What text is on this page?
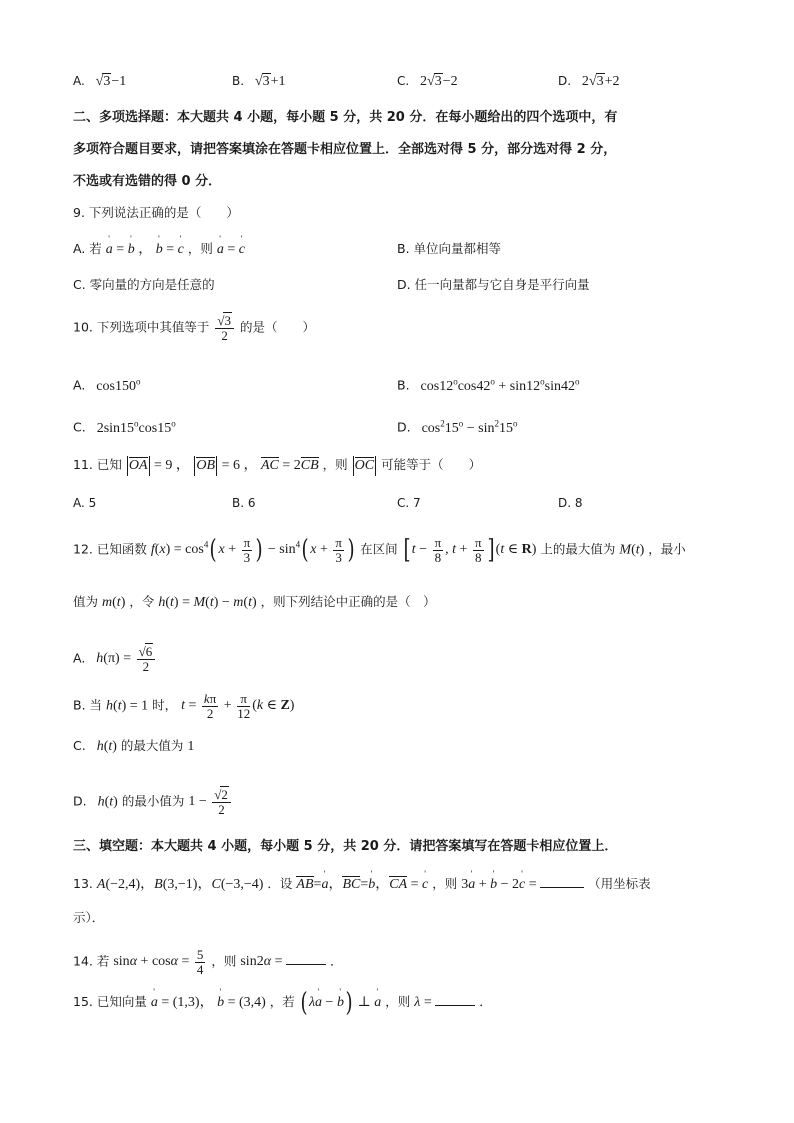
A.   √3−1	B.   √3+1	C.   2√3−2	D.   2√3+2
二、多项选择题：本大题共 4 小题，每小题 5 分，共 20 分．在每小题给出的四个选项中，有
多项符合题目要求，请把答案填涂在答题卡相应位置上．全部选对得 5 分，部分选对得 2 分，
不选或有选错的得 0 分．
9. 下列说法正确的是（　　）
A. 若 ' a = ' b ， ' b = ' c ，则 ' a = ' c	B. 单位向量都相等
C. 零向量的方向是任意的	D. 任一向量都与它自身是平行向量
10. 下列选项中其值等于 $\frac{√3}{2}$ 的是（　　）
A.   cos150$^o$	B.   $\cos 12^o\cos 42^o + \sin 12^o\sin 42^o$
C.   2sin15$^o$cos15$^o$	D.   $\cos^215^o - \sin^215^o$
11. 已知 OA = 9 ， OB = 6 ， AC = 2CB ，则 OC 可能等于（　　）
A. 5	B. 6	C. 7	D. 8
12. 已知函数 $f(x) = \cos^4$( $x + \frac{\pi}{3}$ ) − $\sin^4$( $x + \frac{\pi}{3}$ ) 在区间 [ $t - \frac{\pi}{8}$ , $t + \frac{\pi}{8}$ ] (t ∈ R) 上的最大值为 M(t) ，最小
值为 m(t) ，令 h(t) = M(t) − m(t) ，则下列结论中正确的是（　）
A. $h(\pi) = \frac{√6}{2}$
B. 当 h(t) = 1 时， $t = \frac{k\pi}{2} + \frac{\pi}{12} (k$ ∈ Z)
C. h(t) 的最大值为 1
D. h(t) 的最小值为 $1 - \frac{√2}{2}$
三、填空题：本大题共 4 小题，每小题 5 分，共 20 分．请把答案填写在答题卡相应位置上．
13. A(−2,4)，B(3,−1)，C(−3,−4) ．设 AB=' a，BC=' b，CA = ' c ，则 3' a + ' b − 2' c =	（用坐标表
示）．
14. 若 $\sin\alpha + \cos\alpha = \frac{5}{4}$ ，则 sin2α =	．
15. 已知向量 ' a = (1,3)， ' b = (3,4) ，若 ( λ' a − ' b) ⊥ ' a ，则 λ =	．
